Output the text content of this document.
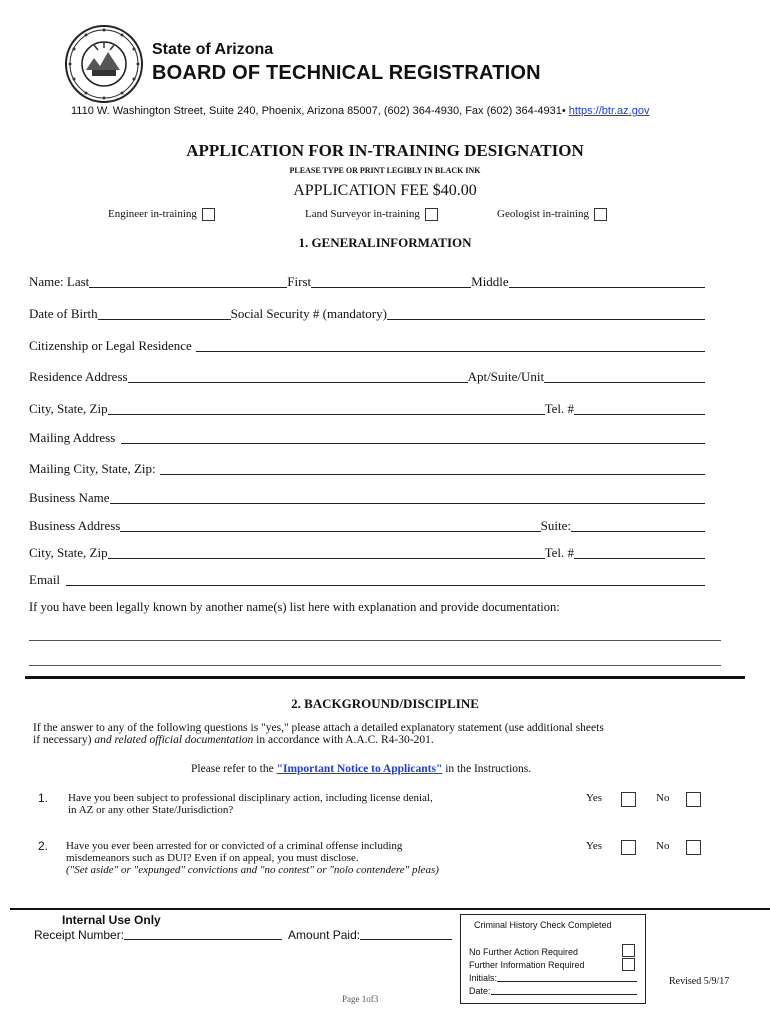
State of Arizona
BOARD OF TECHNICAL REGISTRATION
1110 W. Washington Street, Suite 240, Phoenix, Arizona 85007, (602) 364-4930, Fax (602) 364-4931• https://btr.az.gov
APPLICATION FOR IN-TRAINING DESIGNATION
PLEASE TYPE OR PRINT LEGIBLY IN BLACK INK
APPLICATION FEE $40.00
Engineer in-training	Land Surveyor in-training	Geologist in-training
1. GENERALINFORMATION
Name: Last	First	Middle
Date of Birth	Social Security # (mandatory)
Citizenship or Legal Residence
Residence Address	Apt/Suite/Unit
City, State, Zip	Tel. #
Mailing Address
Mailing City, State, Zip:
Business Name
Business Address	Suite:
City, State, Zip	Tel. #
Email
If you have been legally known by another name(s) list here with explanation and provide documentation:
2. BACKGROUND/DISCIPLINE
If the answer to any of the following questions is "yes," please attach a detailed explanatory statement (use additional sheets
if necessary) and related official documentation in accordance with A.A.C. R4-30-201.
Please refer to the "Important Notice to Applicants" in the Instructions.
1. Have you been subject to professional disciplinary action, including license denial,
in AZ or any other State/Jurisdiction?
Yes	No
2. Have you ever been arrested for or convicted of a criminal offense including
misdemeanors such as DUI? Even if on appeal, you must disclose.
("Set aside" or "expunged" convictions and "no contest" or "nolo contendere" pleas)
Yes	No
Internal Use Only
Receipt Number:	Amount Paid:
Criminal History Check Completed
No Further Action Required
Further Information Required
Initials:
Date:
Revised 5/9/17
Page 1of3
